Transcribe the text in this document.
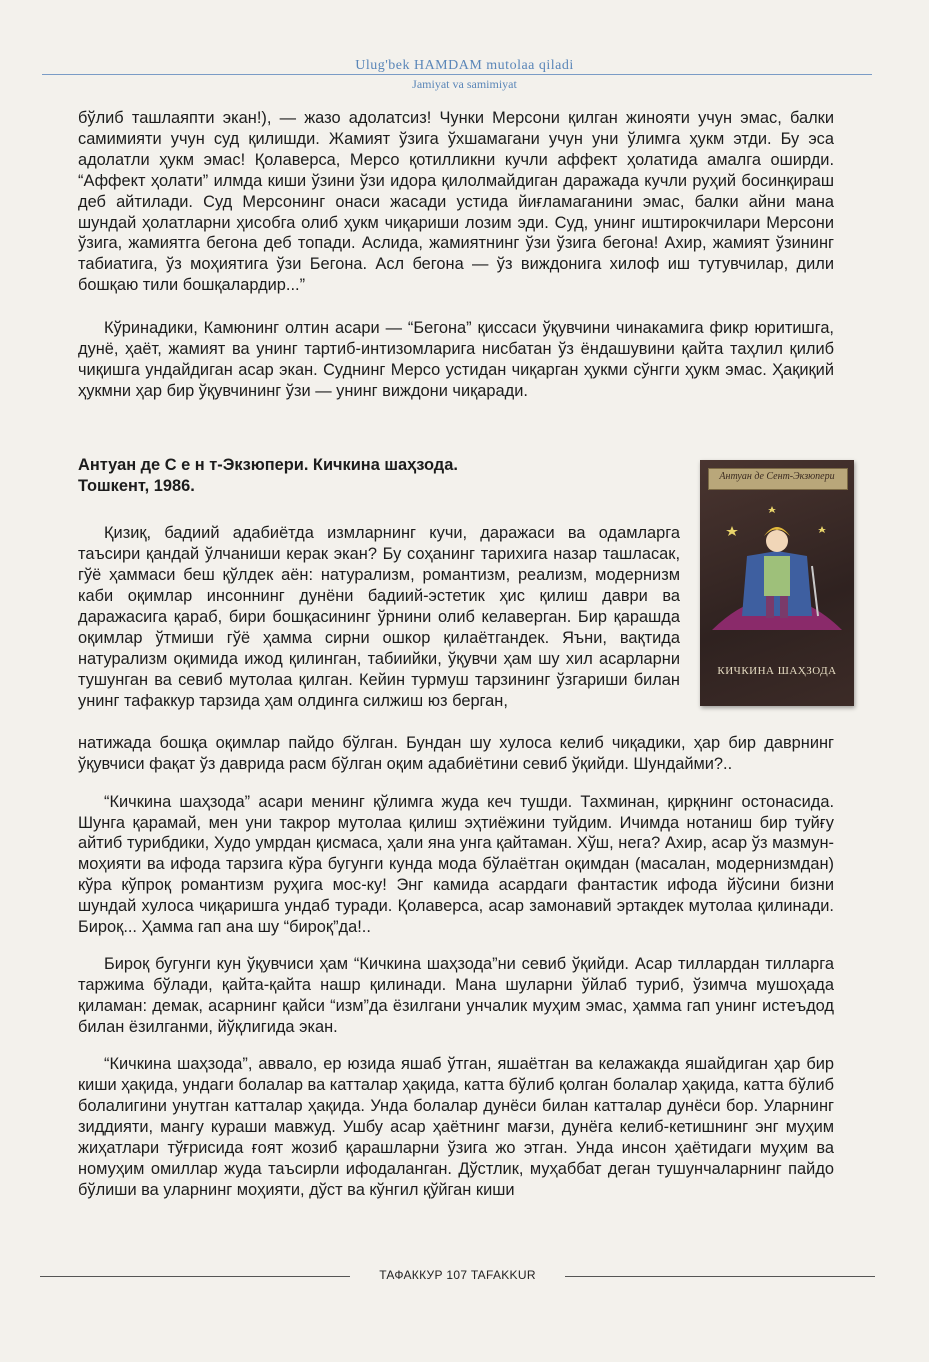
Ulug'bek HAMDAM mutolaa qiladi
Jamiyat va samimiyat

бўлиб ташлаяпти экан!), — жазо адолатсиз! Чунки Мерсони қилган жинояти учун эмас, балки самимияти учун суд қилишди. Жамият ўзига ўхшамагани учун уни ўлимга ҳукм этди. Бу эса адолатли ҳукм эмас! Қолаверса, Мерсо қотилликни кучли аффект ҳолатида амалга оширди. “Аффект ҳолати” илмда киши ўзини ўзи идора қилолмайдиган даражада кучли руҳий босинқираш деб айтилади. Суд Мерсонинг онаси жасади устида йиғламаганини эмас, балки айни мана шундай ҳолатларни ҳисобга олиб ҳукм чиқариши лозим эди. Суд, унинг иштирокчилари Мерсони ўзига, жамиятга бегона деб топади. Аслида, жамиятнинг ўзи ўзига бегона! Ахир, жамият ўзининг табиатига, ўз моҳиятига ўзи Бегона. Асл бегона — ўз виждонига хилоф иш тутувчилар, дили бошқаю тили бошқалардир...”

Кўринадики, Камюнинг олтин асари — “Бегона” қиссаси ўқувчини чинакамига фикр юритишга, дунё, ҳаёт, жамият ва унинг тартиб-интизомларига нисбатан ўз ёндашувини қайта таҳлил қилиб чиқишга ундайдиган асар экан. Суднинг Мерсо устидан чиқарган ҳукми сўнгги ҳукм эмас. Ҳақиқий ҳукмни ҳар бир ўқувчининг ўзи — унинг виждони чиқаради.

Антуан де С е н т-Экзюпери. Кичкина шаҳзода.
Тошкент, 1986.
Антуан де Сент-Экзюпери
КИЧКИНА ШАҲЗОДА

Қизиқ, бадиий адабиётда измларнинг кучи, даражаси ва одамларга таъсири қандай ўлчаниши керак экан? Бу соҳанинг тарихига назар ташласак, гўё ҳаммаси беш қўлдек аён: натурализм, романтизм, реализм, модернизм каби оқимлар инсоннинг дунёни бадиий-эстетик ҳис қилиш даври ва даражасига қараб, бири бошқасининг ўрнини олиб келаверган. Бир қарашда оқимлар ўтмиши гўё ҳамма сирни ошкор қилаётгандек. Яъни, вақтида натурализм оқимида ижод қилинган, табиийки, ўқувчи ҳам шу хил асарларни тушунган ва севиб мутолаа қилган. Кейин турмуш тарзининг ўзгариши билан унинг тафаккур тарзида ҳам олдинга силжиш юз берган,

натижада бошқа оқимлар пайдо бўлган. Бундан шу хулоса келиб чиқадики, ҳар бир даврнинг ўқувчиси фақат ўз даврида расм бўлган оқим адабиётини севиб ўқийди. Шундайми?..

“Кичкина шаҳзода” асари менинг қўлимга жуда кеч тушди. Тахминан, қирқнинг остонасида. Шунга қарамай, мен уни такрор мутолаа қилиш эҳтиёжини туйдим. Ичимда нотаниш бир туйғу айтиб турибдики, Худо умрдан қисмаса, ҳали яна унга қайтаман. Хўш, нега? Ахир, асар ўз мазмун-моҳияти ва ифода тарзига кўра бугунги кунда мода бўлаётган оқимдан (масалан, модернизмдан) кўра кўпроқ романтизм руҳига мос-ку! Энг камида асардаги фантастик ифода йўсини бизни шундай хулоса чиқаришга ундаб туради. Қолаверса, асар замонавий эртакдек мутолаа қилинади. Бироқ... Ҳамма гап ана шу “бироқ”да!..

Бироқ бугунги кун ўқувчиси ҳам “Кичкина шаҳзода”ни севиб ўқийди. Асар тиллардан тилларга таржима бўлади, қайта-қайта нашр қилинади. Мана шуларни ўйлаб туриб, ўзимча мушоҳада қиламан: демак, асарнинг қайси “изм”да ёзилгани унчалик муҳим эмас, ҳамма гап унинг истеъдод билан ёзилганми, йўқлигида экан.

“Кичкина шаҳзода”, аввало, ер юзида яшаб ўтган, яшаётган ва келажакда яшайдиган ҳар бир киши ҳақида, ундаги болалар ва катталар ҳақида, катта бўлиб қолган болалар ҳақида, катта бўлиб болалигини унутган катталар ҳақида. Унда болалар дунёси билан катталар дунёси бор. Уларнинг зиддияти, мангу кураши мавжуд. Ушбу асар ҳаётнинг мағзи, дунёга келиб-кетишнинг энг муҳим жиҳатлари тўғрисида ғоят жозиб қарашларни ўзига жо этган. Унда инсон ҳаётидаги муҳим ва номуҳим омиллар жуда таъсирли ифодаланган. Дўстлик, муҳаббат деган тушунчаларнинг пайдо бўлиши ва уларнинг моҳияти, дўст ва кўнгил қўйган киши

ТАФАККУР 107 TAFAKKUR
